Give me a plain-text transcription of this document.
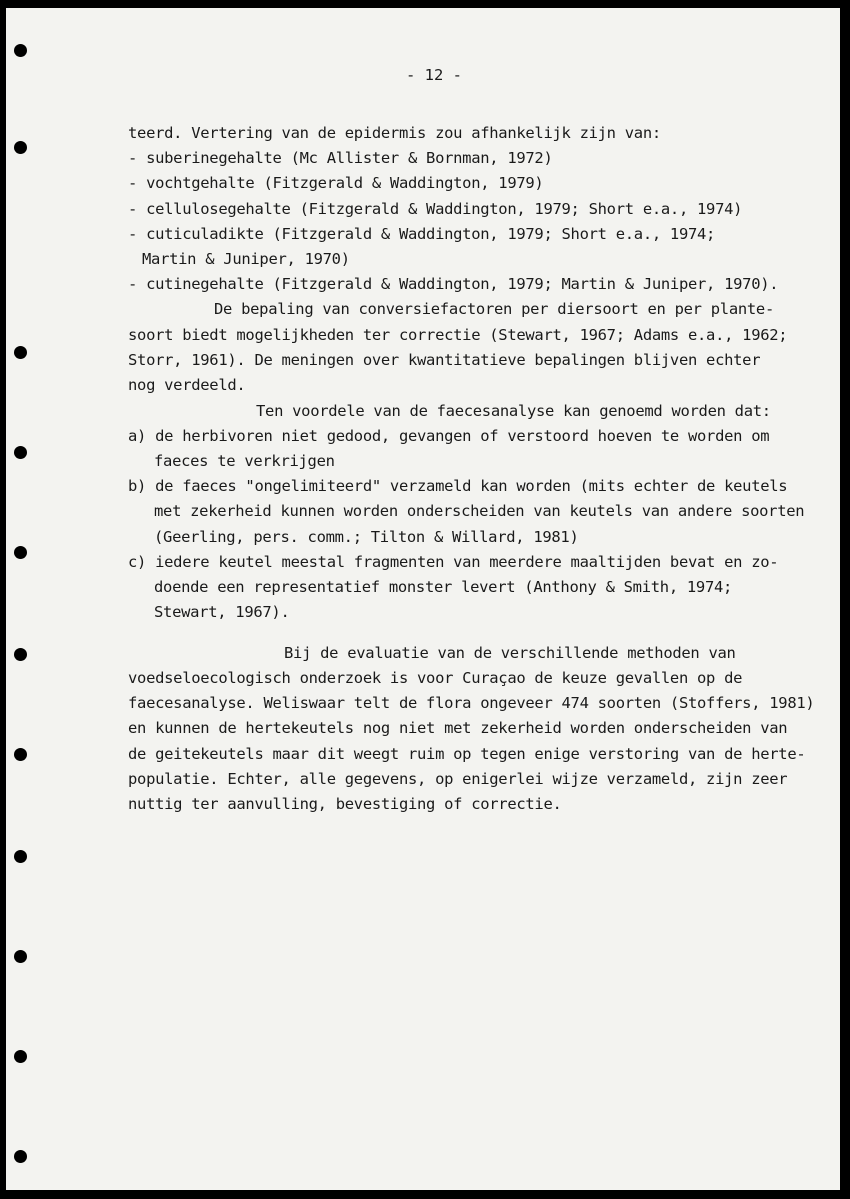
- 12 -
teerd. Vertering van de epidermis zou afhankelijk zijn van:
- suberinegehalte (Mc Allister & Bornman, 1972)
- vochtgehalte (Fitzgerald & Waddington, 1979)
- cellulosegehalte (Fitzgerald & Waddington, 1979; Short e.a., 1974)
- cuticuladikte (Fitzgerald & Waddington, 1979; Short e.a., 1974;
Martin & Juniper, 1970)
- cutinegehalte (Fitzgerald & Waddington, 1979; Martin & Juniper, 1970).
De bepaling van conversiefactoren per diersoort en per plante-
soort biedt mogelijkheden ter correctie (Stewart, 1967; Adams e.a., 1962;
Storr, 1961). De meningen over kwantitatieve bepalingen blijven echter
nog verdeeld.
Ten voordele van de faecesanalyse kan genoemd worden dat:
a) de herbivoren niet gedood, gevangen of verstoord hoeven te worden om
faeces te verkrijgen
b) de faeces "ongelimiteerd" verzameld kan worden (mits echter de keutels
met zekerheid kunnen worden onderscheiden van keutels van andere soorten
(Geerling, pers. comm.; Tilton & Willard, 1981)
c) iedere keutel meestal fragmenten van meerdere maaltijden bevat en zo-
doende een representatief monster levert (Anthony & Smith, 1974;
Stewart, 1967).
Bij de evaluatie van de verschillende methoden van
voedseloecologisch onderzoek is voor Curaçao de keuze gevallen op de
faecesanalyse. Weliswaar telt de flora ongeveer 474 soorten (Stoffers, 1981)
en kunnen de hertekeutels nog niet met zekerheid worden onderscheiden van
de geitekeutels maar dit weegt ruim op tegen enige verstoring van de herte-
populatie. Echter, alle gegevens, op enigerlei wijze verzameld, zijn zeer
nuttig ter aanvulling, bevestiging of correctie.
